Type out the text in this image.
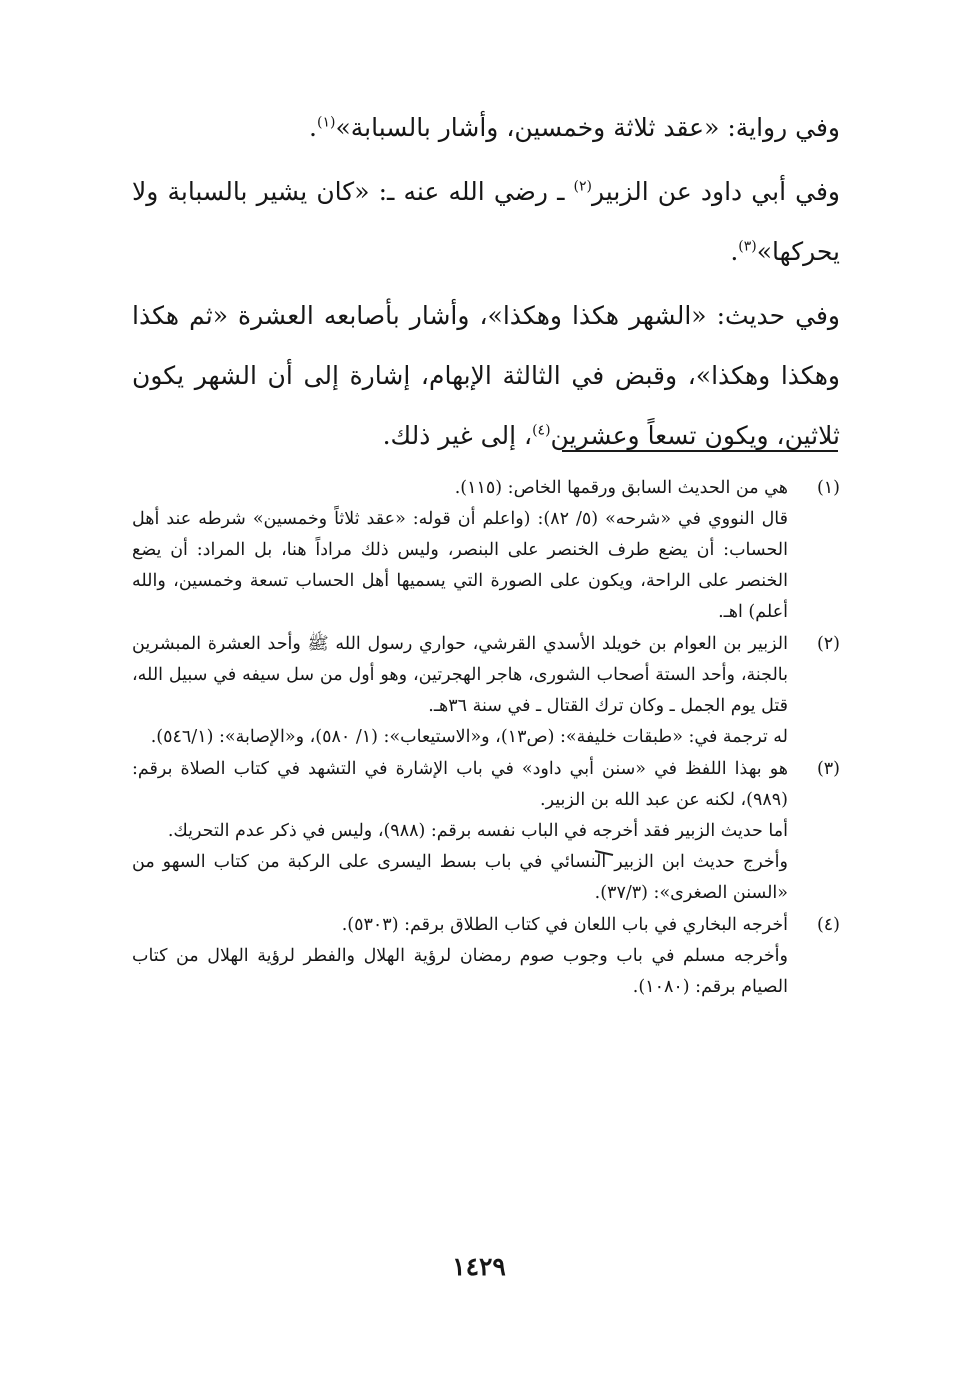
وفي رواية: «عقد ثلاثة وخمسين، وأشار بالسبابة»$^{(١)}$.

وفي أبي داود عن الزبير$^{(٢)}$ ـ رضي الله عنه ـ: «كان يشير بالسبابة ولا يحركها»$^{(٣)}$.

وفي حديث: «الشهر هكذا وهكذا»، وأشار بأصابعه العشرة «ثم هكذا وهكذا وهكذا»، وقبض في الثالثة الإبهام، إشارة إلى أن الشهر يكون ثلاثين، ويكون تسعاً وعشرين$^{(٤)}$، إلى غير ذلك.

(١)

هي من الحديث السابق ورقمها الخاص: (١١٥).

قال النووي في «شرحه» (٥/ ٨٢): (واعلم أن قوله: «عقد ثلاثاً وخمسين» شرطه عند أهل الحساب: أن يضع طرف الخنصر على البنصر، وليس ذلك مراداً هنا، بل المراد: أن يضع الخنصر على الراحة، ويكون على الصورة التي يسميها أهل الحساب تسعة وخمسين، والله أعلم) اهـ.

(٢)

الزبير بن العوام بن خويلد الأسدي القرشي، حواري رسول الله ﷺ وأحد العشرة المبشرين بالجنة، وأحد الستة أصحاب الشورى، هاجر الهجرتين، وهو أول من سل سيفه في سبيل الله، قتل يوم الجمل ـ وكان ترك القتال ـ في سنة ٣٦هـ.

له ترجمة في: «طبقات خليفة»: (ص١٣)، و«الاستيعاب»: (١/ ٥٨٠)، و«الإصابة»: (٥٤٦/١).

(٣)

هو بهذا اللفظ في «سنن أبي داود» في باب الإشارة في التشهد في كتاب الصلاة برقم: (٩٨٩)، لكنه عن عبد الله بن الزبير.

أما حديث الزبير فقد أخرجه في الباب نفسه برقم: (٩٨٨)، وليس في ذكر عدم التحريك.

وأخرج حديث ابن الزبير النسائي في باب بسط اليسرى على الركبة من كتاب السهو من «السنن الصغرى»: (٣٧/٣).

(٤)

أخرجه البخاري في باب اللعان في كتاب الطلاق برقم: (٥٣٠٣).

وأخرجه مسلم في باب وجوب صوم رمضان لرؤية الهلال والفطر لرؤية الهلال من كتاب الصيام برقم: (١٠٨٠).

١٤٢٩
